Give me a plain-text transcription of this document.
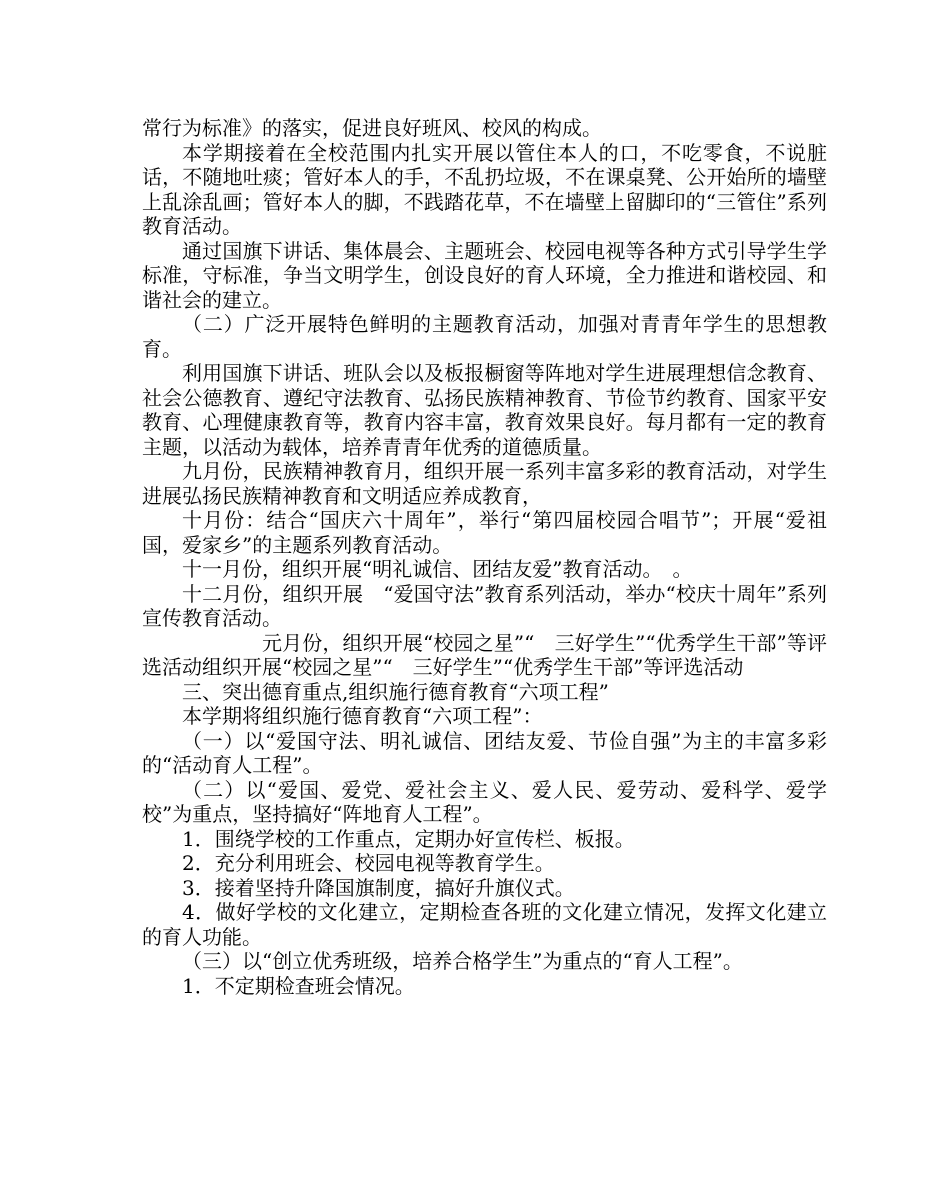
常行为标准》的落实，促进良好班风、校风的构成。

本学期接着在全校范围内扎实开展以管住本人的口，不吃零食，不说脏话，不随地吐痰；管好本人的手，不乱扔垃圾，不在课桌凳、公开始所的墙壁上乱涂乱画；管好本人的脚，不践踏花草，不在墙壁上留脚印的“三管住”系列教育活动。

通过国旗下讲话、集体晨会、主题班会、校园电视等各种方式引导学生学标准，守标准，争当文明学生，创设良好的育人环境，全力推进和谐校园、和谐社会的建立。

（二）广泛开展特色鲜明的主题教育活动，加强对青青年学生的思想教育。

利用国旗下讲话、班队会以及板报橱窗等阵地对学生进展理想信念教育、社会公德教育、遵纪守法教育、弘扬民族精神教育、节俭节约教育、国家平安教育、心理健康教育等，教育内容丰富，教育效果良好。每月都有一定的教育主题，以活动为载体，培养青青年优秀的道德质量。

九月份，民族精神教育月，组织开展一系列丰富多彩的教育活动，对学生进展弘扬民族精神教育和文明适应养成教育，

十月份：结合“国庆六十周年”，举行“第四届校园合唱节”；开展“爱祖国，爱家乡”的主题系列教育活动。

十一月份，组织开展“明礼诚信、团结友爱”教育活动。　。

十二月份，组织开展　“爱国守法”教育系列活动，举办“校庆十周年”系列宣传教育活动。

元月份，组织开展“校园之星”“　三好学生”“优秀学生干部”等评选活动组织开展“校园之星”“　三好学生”“优秀学生干部”等评选活动

三、突出德育重点,组织施行德育教育“六项工程”

本学期将组织施行德育教育“六项工程”：

（一）以“爱国守法、明礼诚信、团结友爱、节俭自强”为主的丰富多彩的“活动育人工程”。

（二）以“爱国、爱党、爱社会主义、爱人民、爱劳动、爱科学、爱学校”为重点，坚持搞好“阵地育人工程”。

1．围绕学校的工作重点，定期办好宣传栏、板报。

2．充分利用班会、校园电视等教育学生。

3．接着坚持升降国旗制度，搞好升旗仪式。

4．做好学校的文化建立，定期检查各班的文化建立情况，发挥文化建立的育人功能。

（三）以“创立优秀班级，培养合格学生”为重点的“育人工程”。

1．不定期检查班会情况。
